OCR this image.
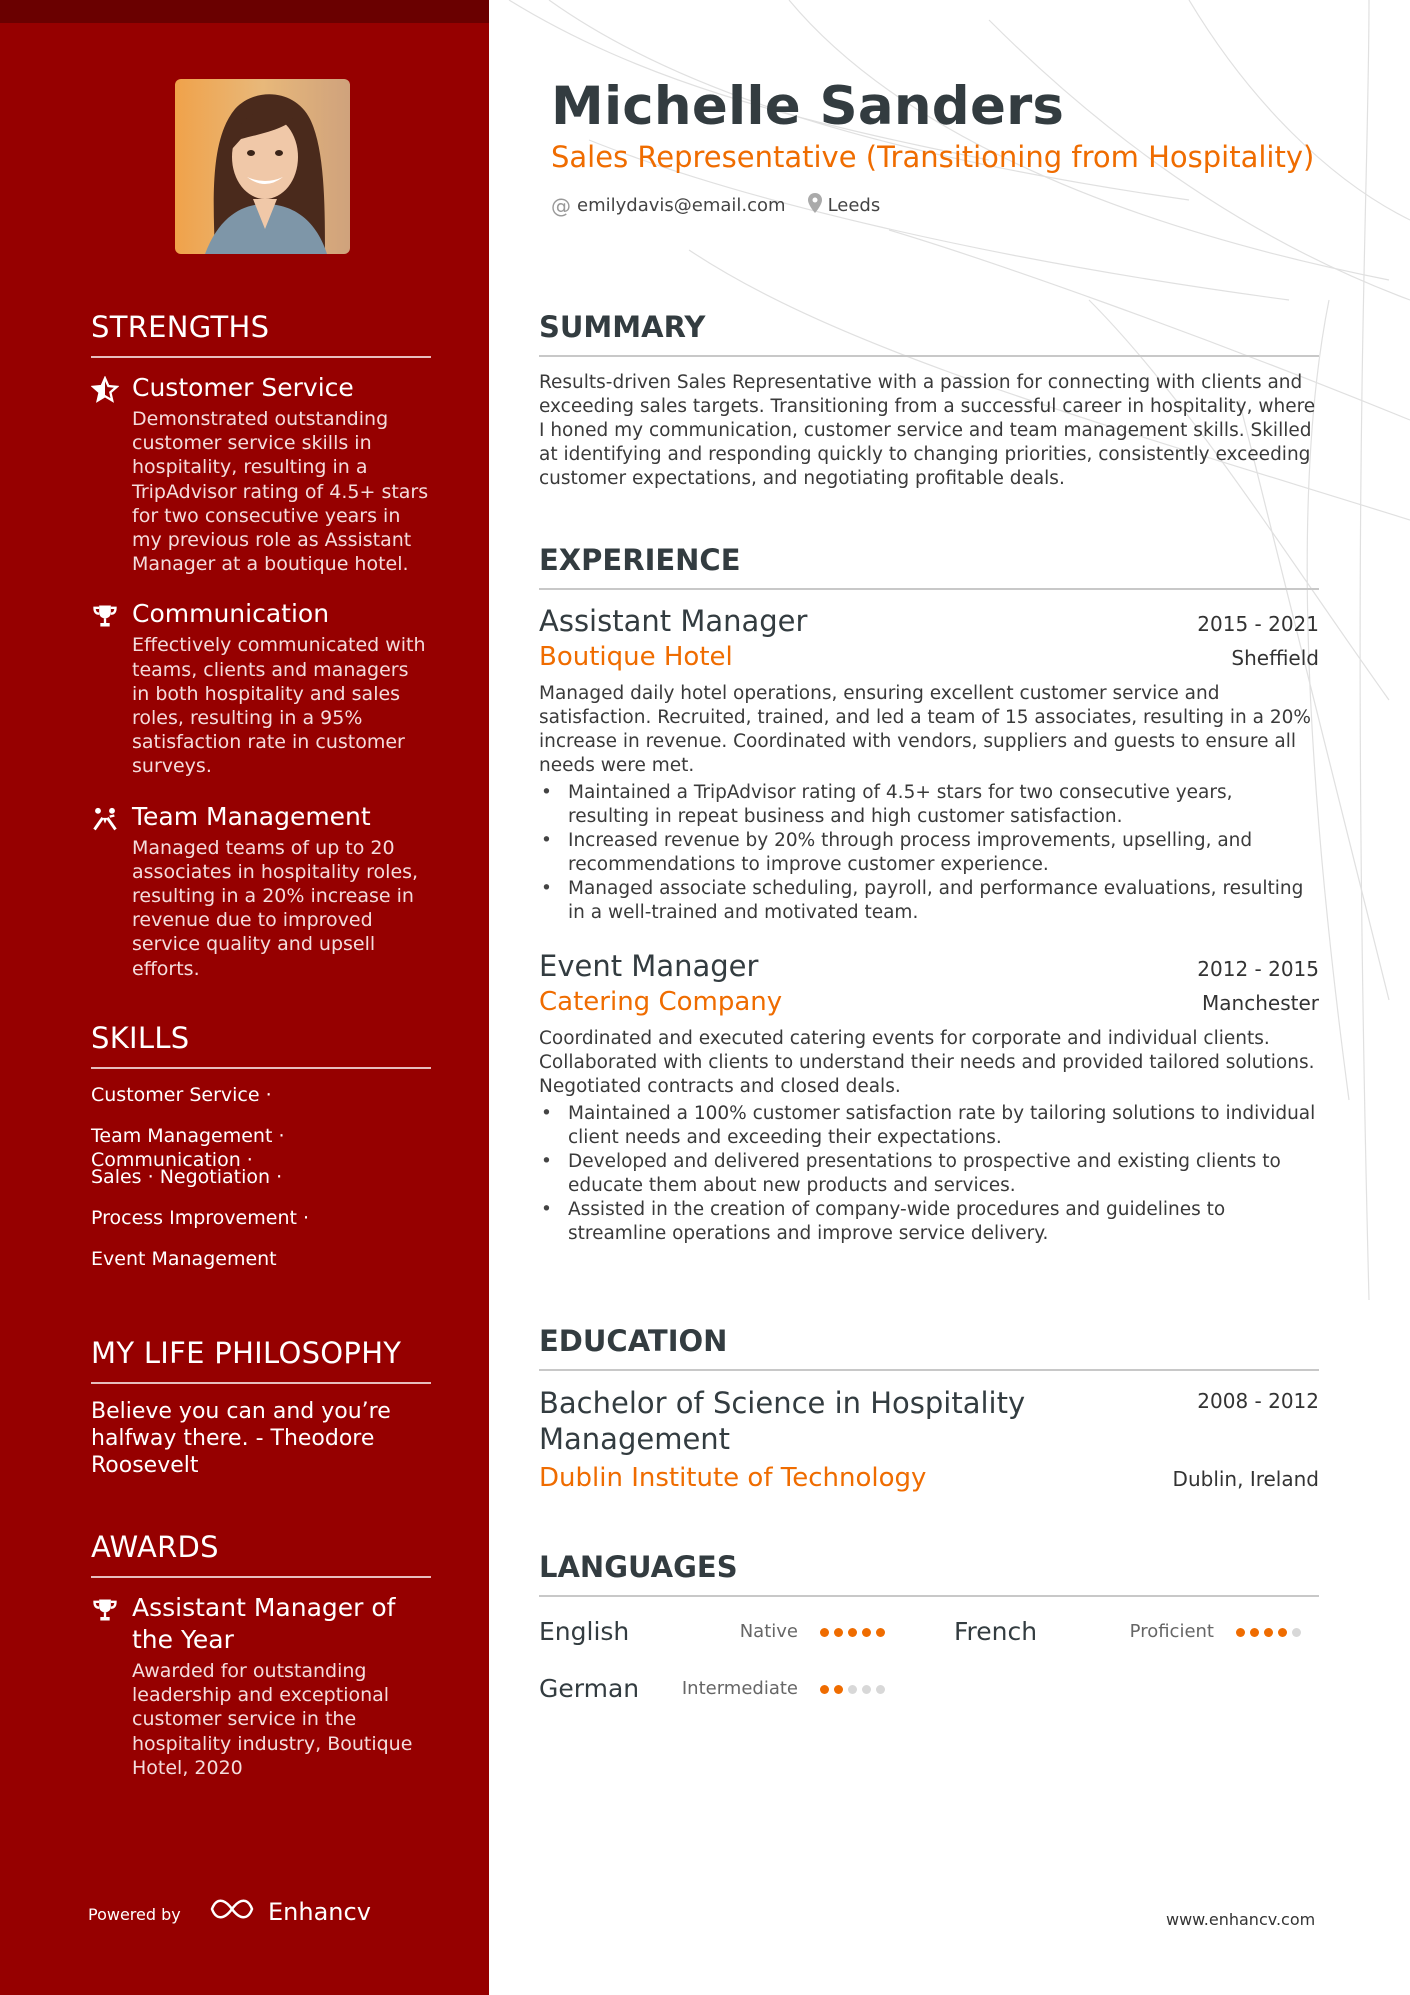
STRENGTHS
Customer Service
Demonstrated outstanding customer service skills in hospitality, resulting in a TripAdvisor rating of 4.5+ stars for two consecutive years in my previous role as Assistant Manager at a boutique hotel.
Communication
Effectively communicated with teams, clients and managers in both hospitality and sales roles, resulting in a 95% satisfaction rate in customer surveys.
Team Management
Managed teams of up to 20 associates in hospitality roles, resulting in a 20% increase in revenue due to improved service quality and upsell efforts.
SKILLS
Customer Service ·
Team Management · Communication ·
Sales · Negotiation ·
Process Improvement ·
Event Management
MY LIFE PHILOSOPHY

Believe you can and you’re halfway there. - Theodore Roosevelt

AWARDS
Assistant Manager of the Year
Awarded for outstanding leadership and exceptional customer service in the hospitality industry, Boutique Hotel, 2020
Powered by	Enhancv
Michelle Sanders
Sales Representative (Transitioning from Hospitality)
@ emilydavis@email.com Leeds
SUMMARY

Results-driven Sales Representative with a passion for connecting with clients and exceeding sales targets. Transitioning from a successful career in hospitality, where I honed my communication, customer service and team management skills. Skilled at identifying and responding quickly to changing priorities, consistently exceeding customer expectations, and negotiating profitable deals.

EXPERIENCE
Assistant Manager	2015 - 2021
Boutique Hotel	Sheffield

Managed daily hotel operations, ensuring excellent customer service and satisfaction. Recruited, trained, and led a team of 15 associates, resulting in a 20% increase in revenue. Coordinated with vendors, suppliers and guests to ensure all needs were met.

• Maintained a TripAdvisor rating of 4.5+ stars for two consecutive years, resulting in repeat business and high customer satisfaction.
• Increased revenue by 20% through process improvements, upselling, and recommendations to improve customer experience.
• Managed associate scheduling, payroll, and performance evaluations, resulting in a well-trained and motivated team.
Event Manager	2012 - 2015
Catering Company	Manchester

Coordinated and executed catering events for corporate and individual clients. Collaborated with clients to understand their needs and provided tailored solutions. Negotiated contracts and closed deals.

• Maintained a 100% customer satisfaction rate by tailoring solutions to individual client needs and exceeding their expectations.
• Developed and delivered presentations to prospective and existing clients to educate them about new products and services.
• Assisted in the creation of company-wide procedures and guidelines to streamline operations and improve service delivery.
EDUCATION
Bachelor of Science in Hospitality Management
2008 - 2012
Dublin Institute of Technology	Dublin, Ireland
LANGUAGES
English	Native	French	Proficient
German	Intermediate
www.enhancv.com
